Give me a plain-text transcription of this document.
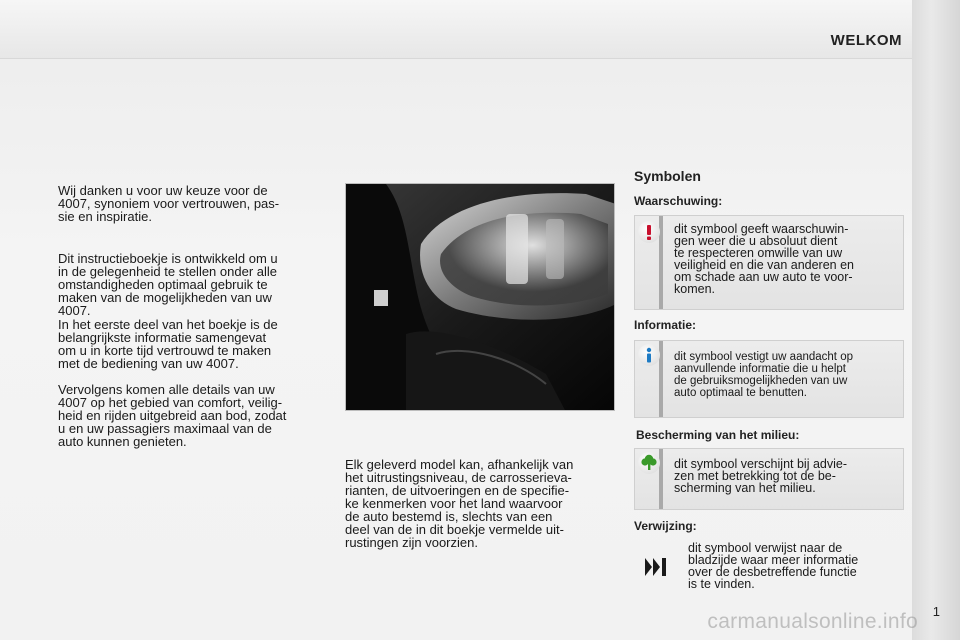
WELKOM
Wij danken u voor uw keuze voor de
4007, synoniem voor vertrouwen, pas-
sie en inspiratie.
Dit instructieboekje is ontwikkeld om u
in de gelegenheid te stellen onder alle
omstandigheden optimaal gebruik te
maken van de mogelijkheden van uw
4007.
In het eerste deel van het boekje is de
belangrijkste informatie samengevat
om u in korte tijd vertrouwd te maken
met de bediening van uw 4007.
Vervolgens komen alle details van uw
4007 op het gebied van comfort, veilig-
heid en rijden uitgebreid aan bod, zodat
u en uw passagiers maximaal van de
auto kunnen genieten.
Elk geleverd model kan, afhankelijk van
het uitrustingsniveau, de carrosserieva-
rianten, de uitvoeringen en de specifie-
ke kenmerken voor het land waarvoor
de auto bestemd is, slechts van een
deel van de in dit boekje vermelde uit-
rustingen zijn voorzien.
Symbolen
Waarschuwing:
dit symbool geeft waarschuwin-
gen weer die u absoluut dient
te respecteren omwille van uw
veiligheid en die van anderen en
om schade aan uw auto te voor-
komen.
Informatie:
dit symbool vestigt uw aandacht op
aanvullende informatie die u helpt
de gebruiksmogelijkheden van uw
auto optimaal te benutten.
Bescherming van het milieu:
dit symbool verschijnt bij advie-
zen met betrekking tot de be-
scherming van het milieu.
Verwijzing:
dit symbool verwijst naar de
bladzijde waar meer informatie
over de desbetreffende functie
is te vinden.
1
carmanualsonline.info
